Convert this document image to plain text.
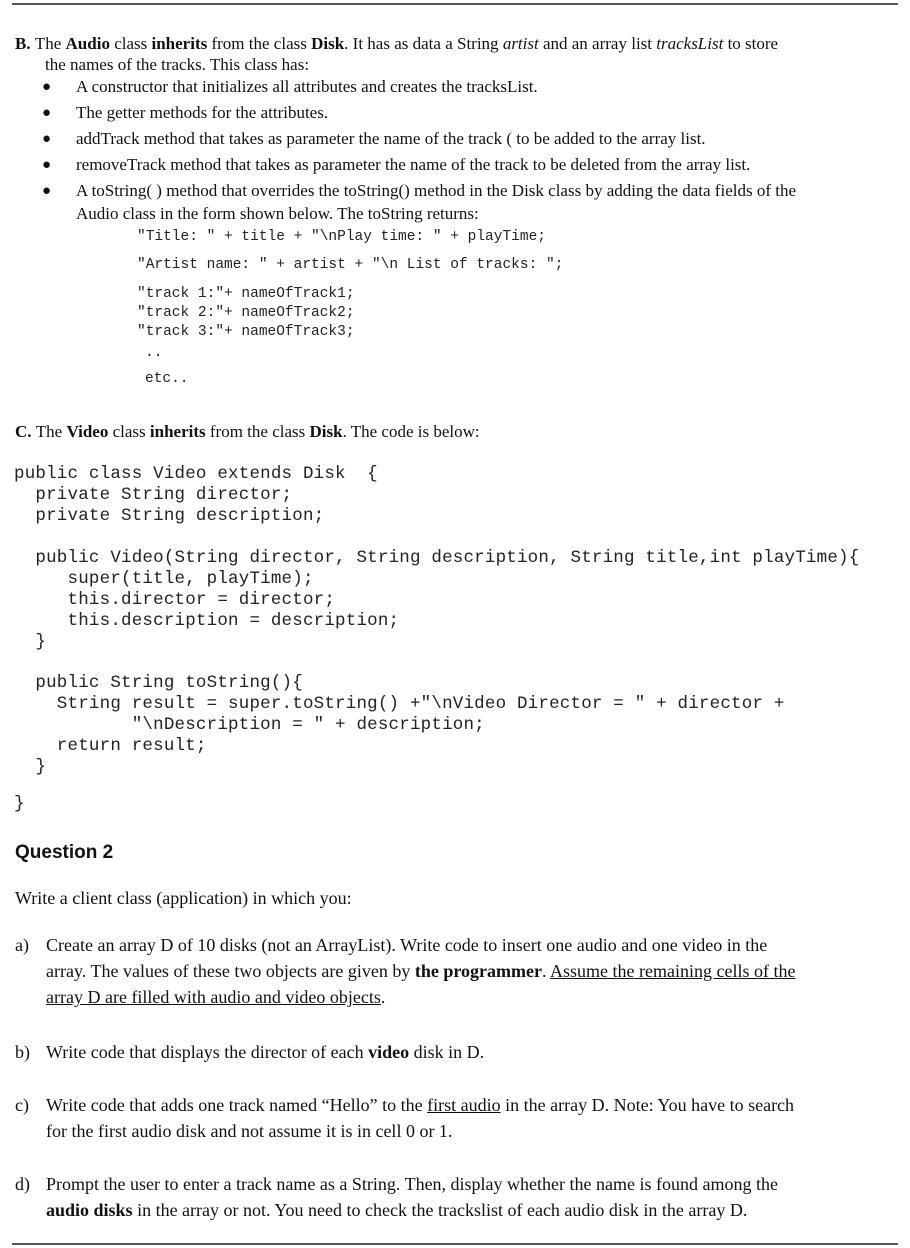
B. The Audio class inherits from the class Disk. It has as data a String artist and an array list tracksList to store
the names of the tracks. This class has:
● A constructor that initializes all attributes and creates the tracksList.
● The getter methods for the attributes.
● addTrack method that takes as parameter the name of the track ( to be added to the array list.
● removeTrack method that takes as parameter the name of the track to be deleted from the array list.
● A toString( ) method that overrides the toString() method in the Disk class by adding the data fields of the
Audio class in the form shown below. The toString returns:
"Title: " + title + "\nPlay time: " + playTime;
"Artist name: " + artist + "\n List of tracks: ";
"track 1:"+ nameOfTrack1;
"track 2:"+ nameOfTrack2;
"track 3:"+ nameOfTrack3;
..
etc..
C. The Video class inherits from the class Disk. The code is below:
public class Video extends Disk  {
private String director;
private String description;
public Video(String director, String description, String title,int playTime){
super(title, playTime);
this.director = director;
this.description = description;
}
public String toString(){
String result = super.toString() +"\nVideo Director = " + director +
"\nDescription = " + description;
return result;
}
}
Question 2
Write a client class (application) in which you:
a) Create an array D of 10 disks (not an ArrayList). Write code to insert one audio and one video in the
array. The values of these two objects are given by the programmer. Assume the remaining cells of the
array D are filled with audio and video objects.
b) Write code that displays the director of each video disk in D.
c) Write code that adds one track named “Hello” to the first audio in the array D. Note: You have to search
for the first audio disk and not assume it is in cell 0 or 1.
d) Prompt the user to enter a track name as a String. Then, display whether the name is found among the
audio disks in the array or not. You need to check the trackslist of each audio disk in the array D.
